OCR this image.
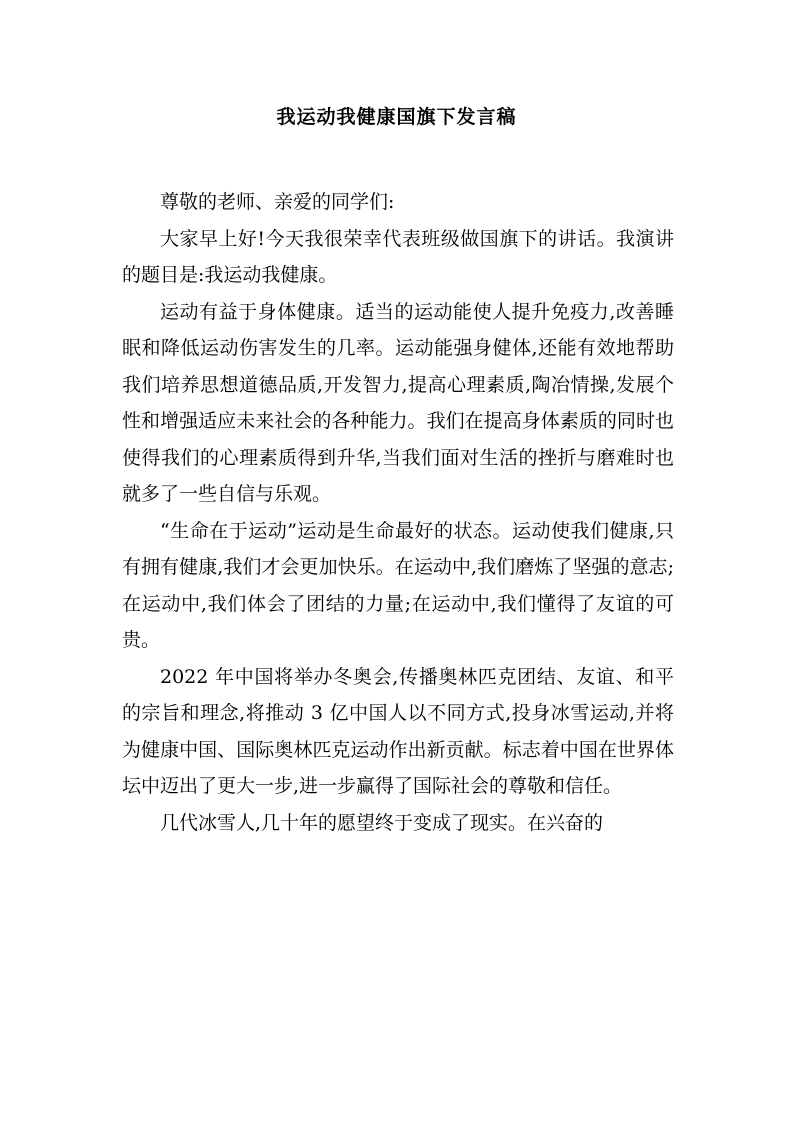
我运动我健康国旗下发言稿

尊敬的老师、亲爱的同学们:

大家早上好!今天我很荣幸代表班级做国旗下的讲话。我演讲的题目是:我运动我健康。

运动有益于身体健康。适当的运动能使人提升免疫力,改善睡眠和降低运动伤害发生的几率。运动能强身健体,还能有效地帮助我们培养思想道德品质,开发智力,提高心理素质,陶冶情操,发展个性和增强适应未来社会的各种能力。我们在提高身体素质的同时也使得我们的心理素质得到升华,当我们面对生活的挫折与磨难时也就多了一些自信与乐观。

“生命在于运动”运动是生命最好的状态。运动使我们健康,只有拥有健康,我们才会更加快乐。在运动中,我们磨炼了坚强的意志;在运动中,我们体会了团结的力量;在运动中,我们懂得了友谊的可贵。

2022 年中国将举办冬奥会,传播奥林匹克团结、友谊、和平的宗旨和理念,将推动 3 亿中国人以不同方式,投身冰雪运动,并将为健康中国、国际奥林匹克运动作出新贡献。标志着中国在世界体坛中迈出了更大一步,进一步赢得了国际社会的尊敬和信任。

几代冰雪人,几十年的愿望终于变成了现实。在兴奋的
